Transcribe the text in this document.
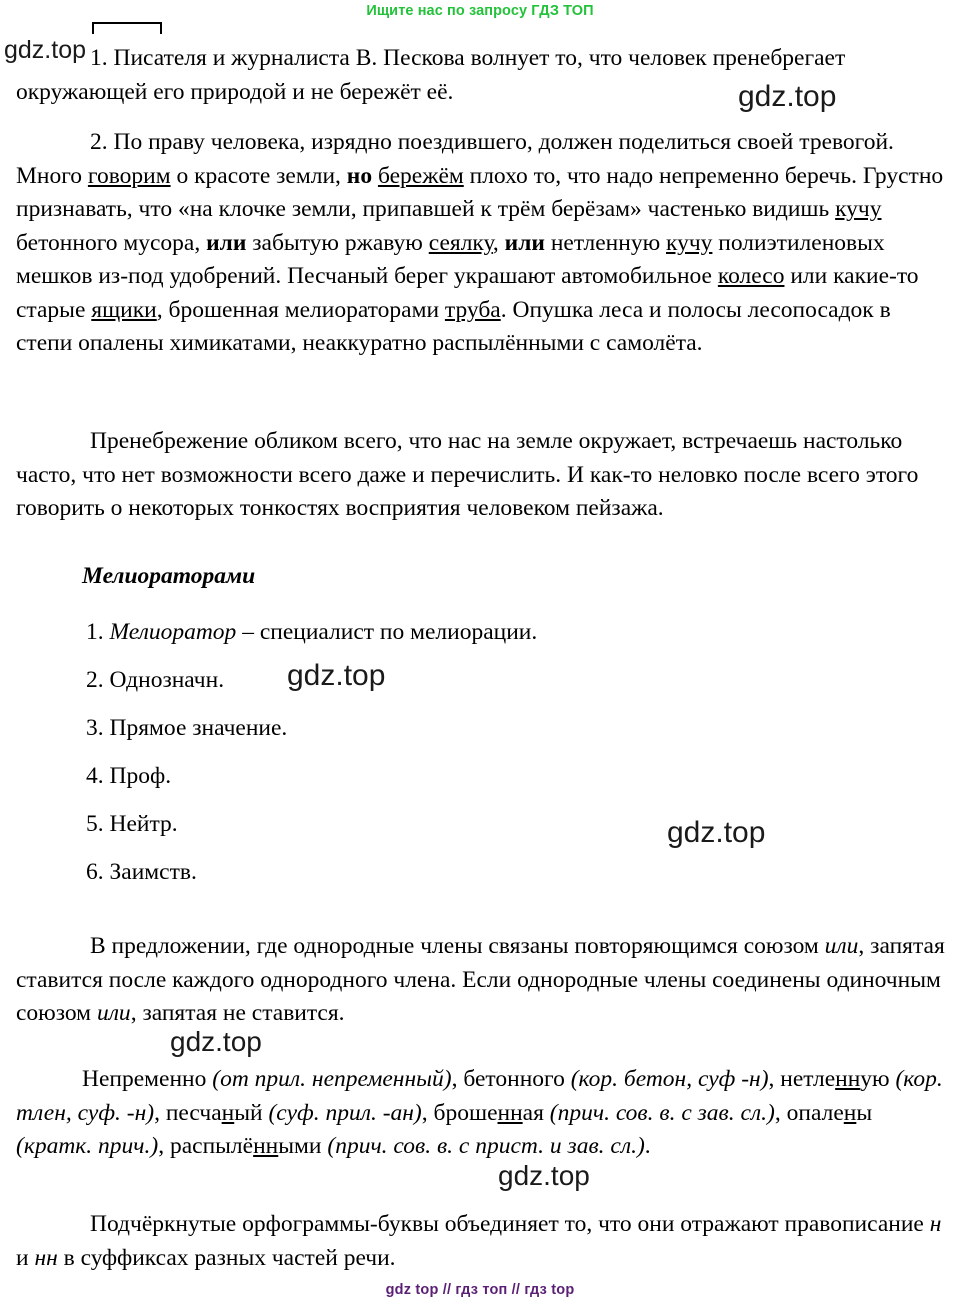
Ищите нас по запросу ГДЗ ТОП
gdz.top
gdz.top
gdz.top
gdz.top
gdz.top
gdz.top

1. Писателя и журналиста В. Пескова волнует то, что человек пренебрегает окружающей его природой и не бережёт её.

2. По праву человека, изрядно поездившего, должен поделиться своей тревогой. Много говорим о красоте земли, но бережём плохо то, что надо непременно беречь. Грустно признавать, что «на клочке земли, припавшей к трём берёзам» частенько видишь кучу бетонного мусора, или забытую ржавую сеялку, или нетленную кучу полиэтиленовых мешков из-под удобрений. Песчаный берег украшают автомобильное колесо или какие-то старые ящики, брошенная мелиораторами труба. Опушка леса и полосы лесопосадок в степи опалены химикатами, неаккуратно распылёнными с самолёта.

Пренебрежение обликом всего, что нас на земле окружает, встречаешь настолько часто, что нет возможности всего даже и перечислить. И как-то неловко после всего этого говорить о некоторых тонкостях восприятия человеком пейзажа.

Мелиораторами
1. Мелиоратор – специалист по мелиорации.
2. Однозначн.
3. Прямое значение.
4. Проф.
5. Нейтр.
6. Заимств.

В предложении, где однородные члены связаны повторяющимся союзом или, запятая ставится после каждого однородного члена. Если однородные члены соединены одиночным союзом или, запятая не ставится.

Непременно (от прил. непременный), бетонного (кор. бетон, суф -н), нетленную (кор. тлен, суф. -н), песчаный (суф. прил. -ан), брошенная (прич. сов. в. с зав. сл.), опалены (кратк. прич.), распылёнными (прич. сов. в. с прист. и зав. сл.).

Подчёркнутые орфограммы-буквы объединяет то, что они отражают правописание н и нн в суффиксах разных частей речи.

gdz top // гдз топ // гдз top
